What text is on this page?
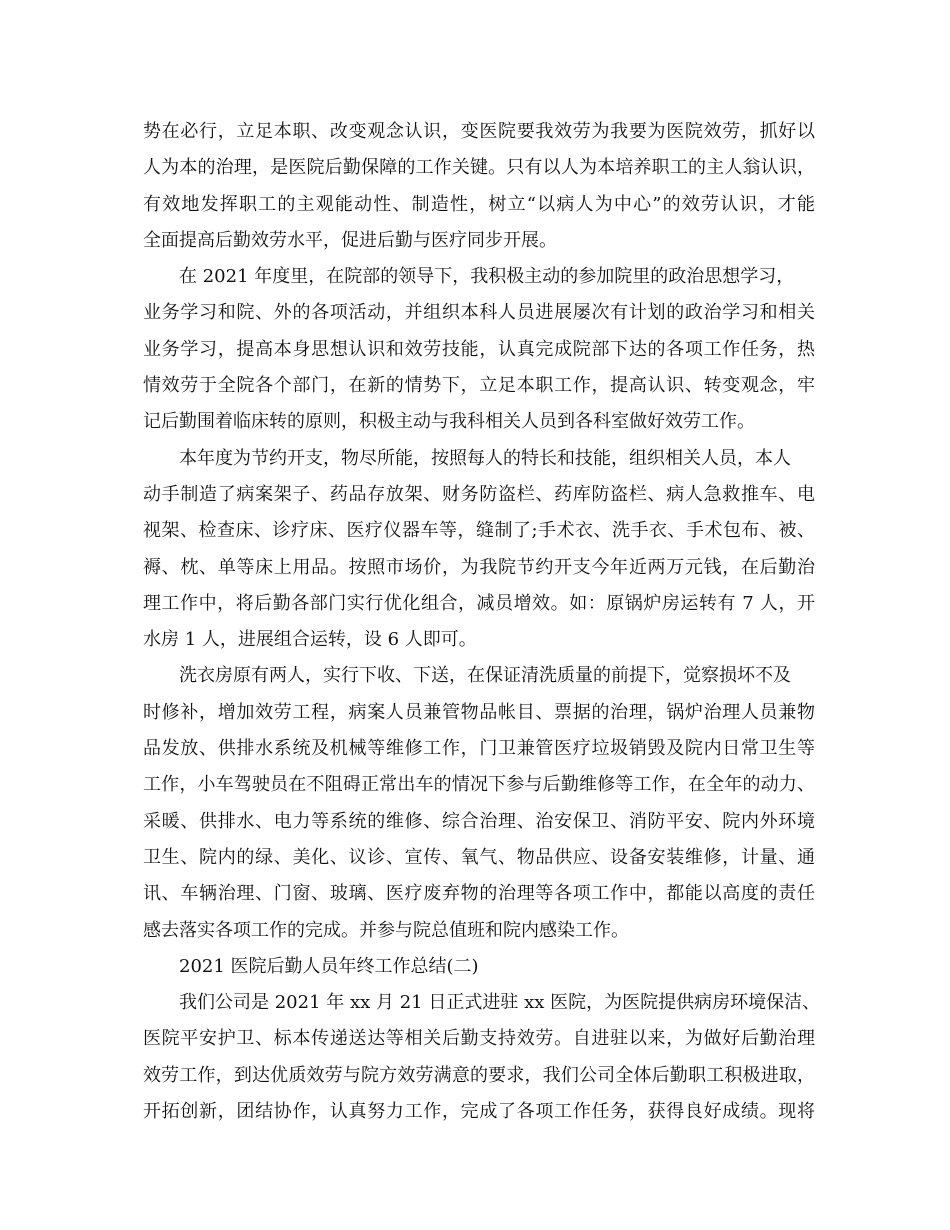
势在必行，立足本职、改变观念认识，变医院要我效劳为我要为医院效劳，抓好以
人为本的治理，是医院后勤保障的工作关键。只有以人为本培养职工的主人翁认识，
有效地发挥职工的主观能动性、制造性，树立“以病人为中心”的效劳认识，才能
全面提高后勤效劳水平，促进后勤与医疗同步开展。
在 2021 年度里，在院部的领导下，我积极主动的参加院里的政治思想学习，
业务学习和院、外的各项活动，并组织本科人员进展屡次有计划的政治学习和相关
业务学习，提高本身思想认识和效劳技能，认真完成院部下达的各项工作任务，热
情效劳于全院各个部门，在新的情势下，立足本职工作，提高认识、转变观念，牢
记后勤围着临床转的原则，积极主动与我科相关人员到各科室做好效劳工作。
本年度为节约开支，物尽所能，按照每人的特长和技能，组织相关人员，本人
动手制造了病案架子、药品存放架、财务防盗栏、药库防盗栏、病人急救推车、电
视架、检查床、诊疗床、医疗仪器车等，缝制了;手术衣、洗手衣、手术包布、被、
褥、枕、单等床上用品。按照市场价，为我院节约开支今年近两万元钱，在后勤治
理工作中，将后勤各部门实行优化组合，减员增效。如：原锅炉房运转有 7 人，开
水房 1 人，进展组合运转，设 6 人即可。
洗衣房原有两人，实行下收、下送，在保证清洗质量的前提下，觉察损坏不及
时修补，增加效劳工程，病案人员兼管物品帐目、票据的治理，锅炉治理人员兼物
品发放、供排水系统及机械等维修工作，门卫兼管医疗垃圾销毁及院内日常卫生等
工作，小车驾驶员在不阻碍正常出车的情况下参与后勤维修等工作，在全年的动力、
采暖、供排水、电力等系统的维修、综合治理、治安保卫、消防平安、院内外环境
卫生、院内的绿、美化、议诊、宣传、氧气、物品供应、设备安装维修，计量、通
讯、车辆治理、门窗、玻璃、医疗废弃物的治理等各项工作中，都能以高度的责任
感去落实各项工作的完成。并参与院总值班和院内感染工作。
2021 医院后勤人员年终工作总结(二)
我们公司是 2021 年 xx 月 21 日正式进驻 xx 医院，为医院提供病房环境保洁、
医院平安护卫、标本传递送达等相关后勤支持效劳。自进驻以来，为做好后勤治理
效劳工作，到达优质效劳与院方效劳满意的要求，我们公司全体后勤职工积极进取，
开拓创新，团结协作，认真努力工作，完成了各项工作任务，获得良好成绩。现将
